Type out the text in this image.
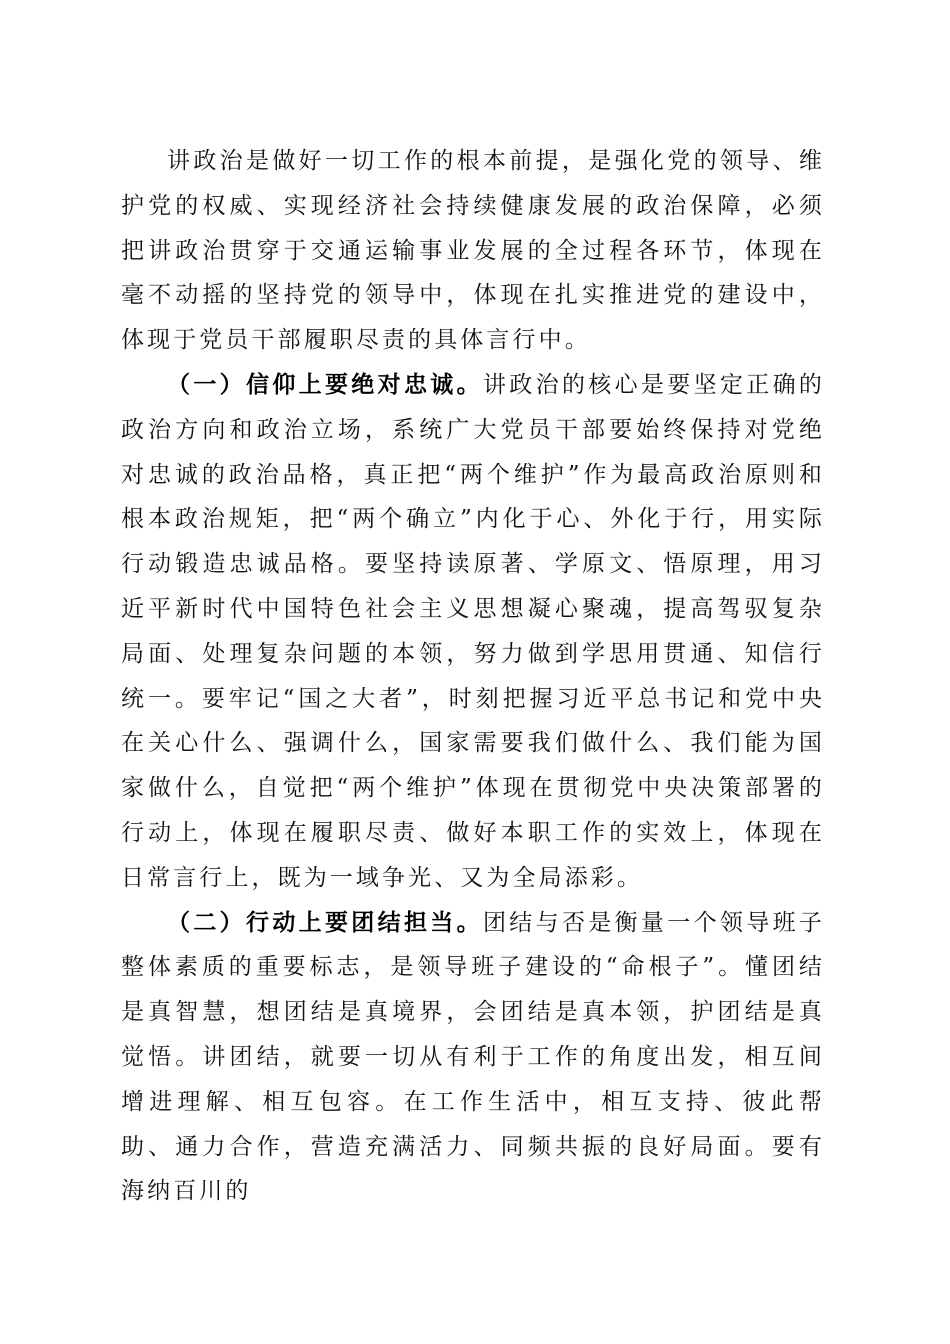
讲政治是做好一切工作的根本前提，是强化党的领导、维护党的权威、实现经济社会持续健康发展的政治保障，必须把讲政治贯穿于交通运输事业发展的全过程各环节，体现在毫不动摇的坚持党的领导中，体现在扎实推进党的建设中，体现于党员干部履职尽责的具体言行中。

（一）信仰上要绝对忠诚。讲政治的核心是要坚定正确的政治方向和政治立场，系统广大党员干部要始终保持对党绝对忠诚的政治品格，真正把“两个维护”作为最高政治原则和根本政治规矩，把“两个确立”内化于心、外化于行，用实际行动锻造忠诚品格。要坚持读原著、学原文、悟原理，用习近平新时代中国特色社会主义思想凝心聚魂，提高驾驭复杂局面、处理复杂问题的本领，努力做到学思用贯通、知信行统一。要牢记“国之大者”，时刻把握习近平总书记和党中央在关心什么、强调什么，国家需要我们做什么、我们能为国家做什么，自觉把“两个维护”体现在贯彻党中央决策部署的行动上，体现在履职尽责、做好本职工作的实效上，体现在日常言行上，既为一域争光、又为全局添彩。

（二）行动上要团结担当。团结与否是衡量一个领导班子整体素质的重要标志，是领导班子建设的“命根子”。懂团结是真智慧，想团结是真境界，会团结是真本领，护团结是真觉悟。讲团结，就要一切从有利于工作的角度出发，相互间增进理解、相互包容。在工作生活中，相互支持、彼此帮助、通力合作，营造充满活力、同频共振的良好局面。要有海纳百川的
